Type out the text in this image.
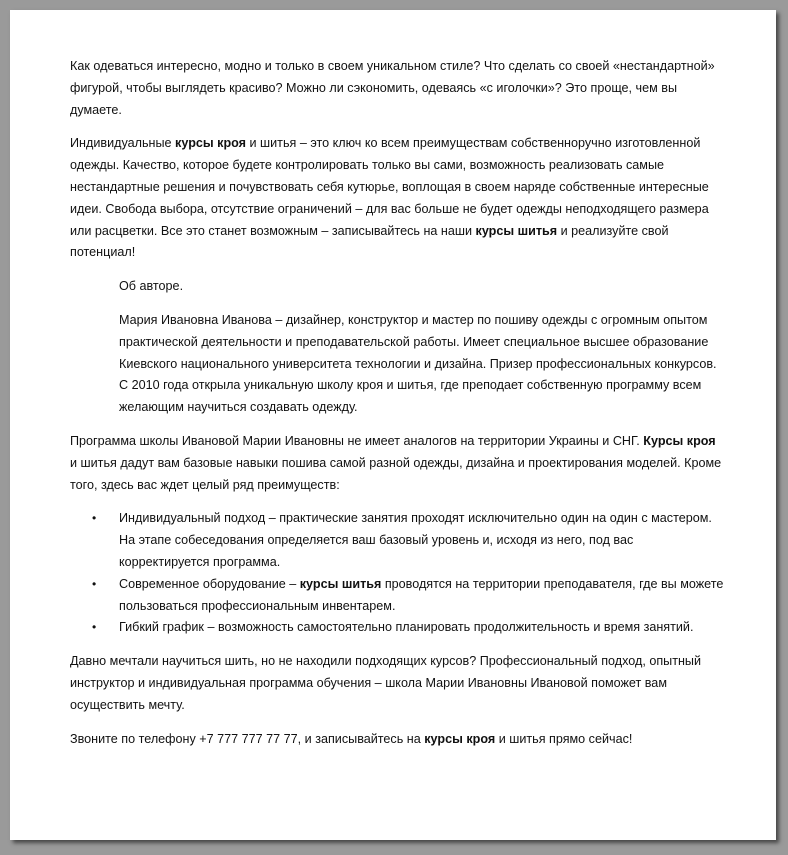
Как одеваться интересно, модно и только в своем уникальном стиле? Что сделать со своей «нестандартной» фигурой, чтобы выглядеть красиво? Можно ли сэкономить, одеваясь «с иголочки»? Это проще, чем вы думаете.

Индивидуальные курсы кроя и шитья – это ключ ко всем преимуществам собственноручно изготовленной одежды. Качество, которое будете контролировать только вы сами, возможность реализовать самые нестандартные решения и почувствовать себя кутюрье, воплощая в своем наряде собственные интересные идеи. Свобода выбора, отсутствие ограничений – для вас больше не будет одежды неподходящего размера или расцветки. Все это станет возможным – записывайтесь на наши курсы шитья и реализуйте свой потенциал!

Об авторе.

Мария Ивановна Иванова – дизайнер, конструктор и мастер по пошиву одежды с огромным опытом практической деятельности и преподавательской работы. Имеет специальное высшее образование Киевского национального университета технологии и дизайна. Призер профессиональных конкурсов. С 2010 года открыла уникальную школу кроя и шитья, где преподает собственную программу всем желающим научиться создавать одежду.

Программа школы Ивановой Марии Ивановны не имеет аналогов на территории Украины и СНГ. Курсы кроя и шитья дадут вам базовые навыки пошива самой разной одежды, дизайна и проектирования моделей. Кроме того, здесь вас ждет целый ряд преимуществ:

• Индивидуальный подход – практические занятия проходят исключительно один на один с мастером. На этапе собеседования определяется ваш базовый уровень и, исходя из него, под вас корректируется программа.
• Современное оборудование – курсы шитья проводятся на территории преподавателя, где вы можете пользоваться профессиональным инвентарем.
• Гибкий график – возможность самостоятельно планировать продолжительность и время занятий.

Давно мечтали научиться шить, но не находили подходящих курсов? Профессиональный подход, опытный инструктор и индивидуальная программа обучения – школа Марии Ивановны Ивановой поможет вам осуществить мечту.

Звоните по телефону +7 777 777 77 77, и записывайтесь на курсы кроя и шитья прямо сейчас!
